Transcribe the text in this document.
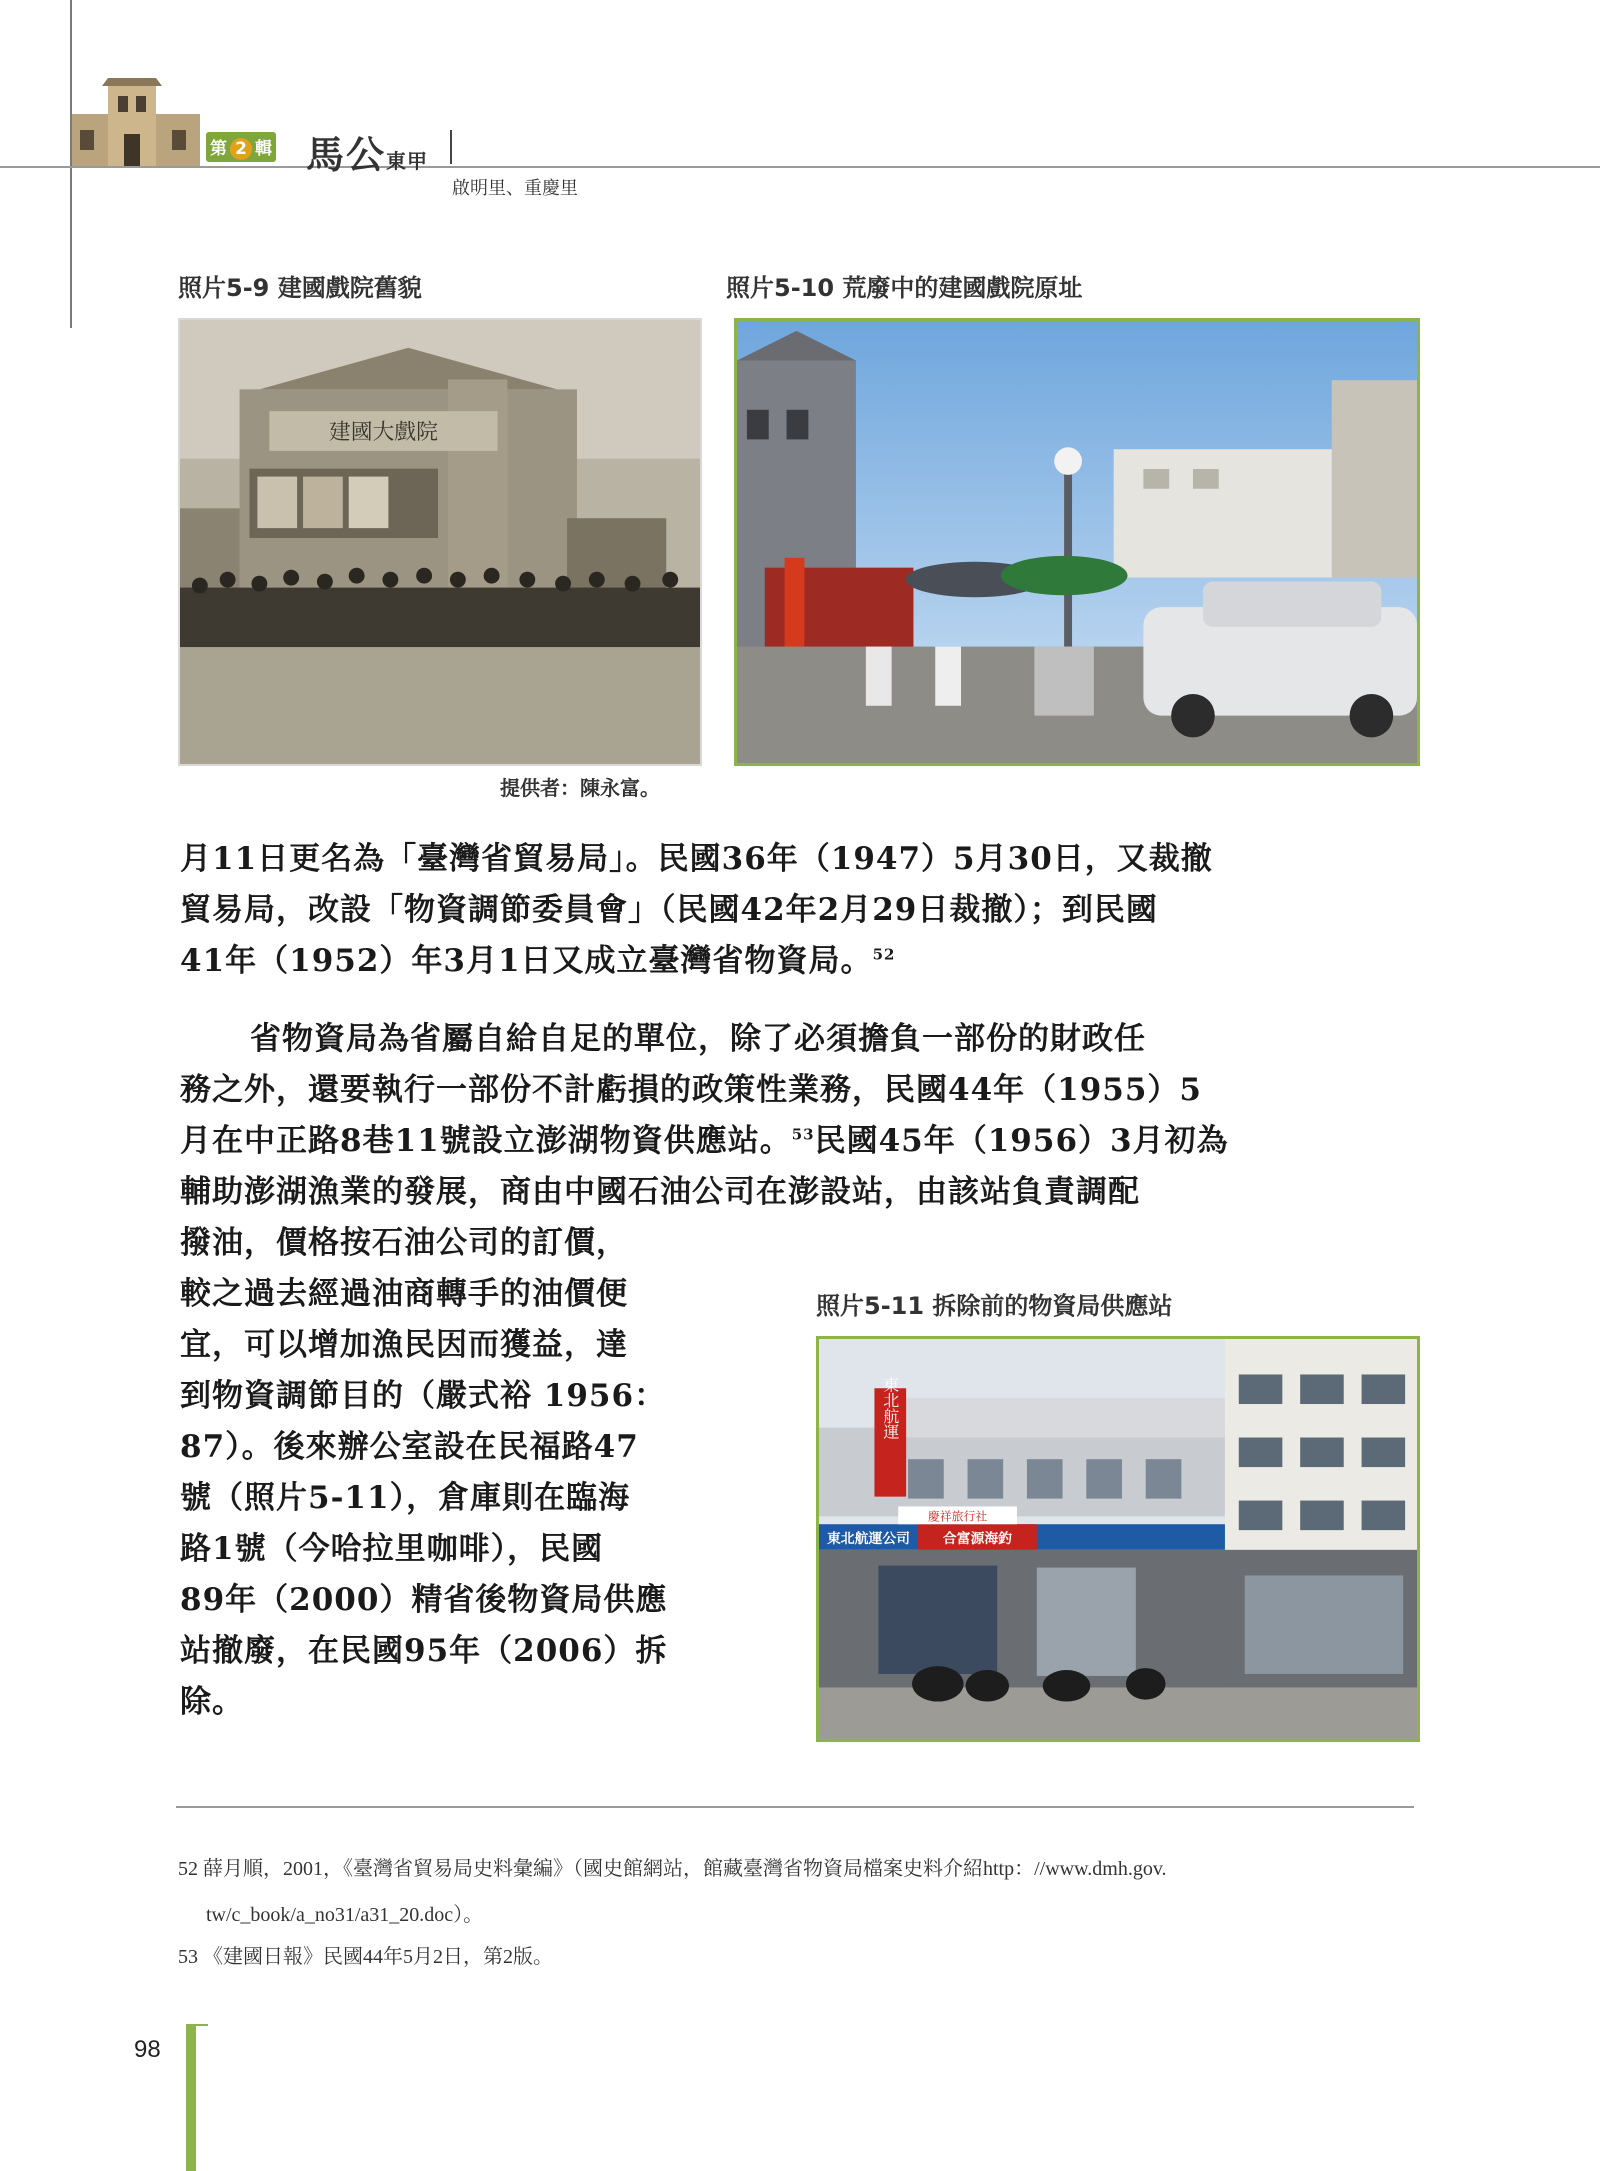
第 2 輯 馬公東甲
啟明里、重慶里
照片5-9 建國戲院舊貌	照片5-10 荒廢中的建國戲院原址
建國大戲院
提供者：陳永富。
月11日更名為「臺灣省貿易局」。民國36年（1947）5月30日，又裁撤
貿易局，改設「物資調節委員會」（民國42年2月29日裁撤）；到民國
41年（1952）年3月1日又成立臺灣省物資局。$^{52}$
省物資局為省屬自給自足的單位，除了必須擔負一部份的財政任
務之外，還要執行一部份不計虧損的政策性業務，民國44年（1955）5
月在中正路8巷11號設立澎湖物資供應站。$^{53}$民國45年（1956）3月初為
輔助澎湖漁業的發展，商由中國石油公司在澎設站，由該站負責調配
撥油，價格按石油公司的訂價，
較之過去經過油商轉手的油價便
宜，可以增加漁民因而獲益，達
到物資調節目的（嚴式裕 1956：
87）。後來辦公室設在民福路47
號（照片5-11），倉庫則在臨海
路1號（今哈拉里咖啡），民國
89年（2000）精省後物資局供應
站撤廢，在民國95年（2006）拆
除。
照片5-11 拆除前的物資局供應站
東北航運
東北航運公司 合富源海釣
慶祥旅行社
52 薛月順，2001，《臺灣省貿易局史料彙編》（國史館網站，館藏臺灣省物資局檔案史料介紹http：//www.dmh.gov.
tw/c_book/a_no31/a31_20.doc）。
53 《建國日報》民國44年5月2日，第2版。
98
